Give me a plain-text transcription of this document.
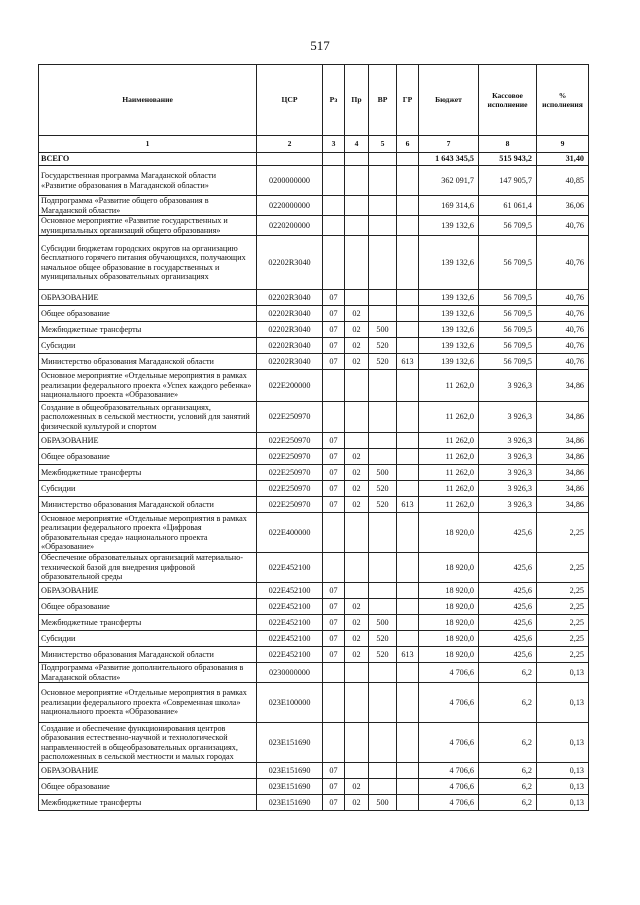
517
Наименование	ЦСР	Рз	Пр	ВР	ГР	Бюджет	Кассовое исполнение	% исполнения
1	2	3	4	5	6	7	8	9
ВСЕГО						1 643 345,5	515 943,2	31,40
Государственная программа Магаданской области «Развитие образования в Магаданской области»	0200000000					362 091,7	147 905,7	40,85
Подпрограмма «Развитие общего образования в Магаданской области»	0220000000					169 314,6	61 061,4	36,06
Основное мероприятие «Развитие государственных и муниципальных организаций общего образования»	0220200000					139 132,6	56 709,5	40,76
Субсидии бюджетам городских округов на организацию бесплатного горячего питания обучающихся, получающих начальное общее образование в государственных и муниципальных образовательных организациях	02202R3040					139 132,6	56 709,5	40,76
ОБРАЗОВАНИЕ	02202R3040	07				139 132,6	56 709,5	40,76
Общее образование	02202R3040	07	02			139 132,6	56 709,5	40,76
Межбюджетные трансферты	02202R3040	07	02	500		139 132,6	56 709,5	40,76
Субсидии	02202R3040	07	02	520		139 132,6	56 709,5	40,76
Министерство образования Магаданской области	02202R3040	07	02	520	613	139 132,6	56 709,5	40,76
Основное мероприятие «Отдельные мероприятия в рамках реализации федерального проекта «Успех каждого ребенка» национального проекта «Образование»	022E200000					11 262,0	3 926,3	34,86
Создание в общеобразовательных организациях, расположенных в сельской местности, условий для занятий физической культурой и спортом	022E250970					11 262,0	3 926,3	34,86
ОБРАЗОВАНИЕ	022E250970	07				11 262,0	3 926,3	34,86
Общее образование	022E250970	07	02			11 262,0	3 926,3	34,86
Межбюджетные трансферты	022E250970	07	02	500		11 262,0	3 926,3	34,86
Субсидии	022E250970	07	02	520		11 262,0	3 926,3	34,86
Министерство образования Магаданской области	022E250970	07	02	520	613	11 262,0	3 926,3	34,86
Основное мероприятие «Отдельные мероприятия в рамках реализации федерального проекта «Цифровая образовательная среда» национального проекта «Образование»	022E400000					18 920,0	425,6	2,25
Обеспечение образовательных организаций материально-технической базой для внедрения цифровой образовательной среды	022E452100					18 920,0	425,6	2,25
ОБРАЗОВАНИЕ	022E452100	07				18 920,0	425,6	2,25
Общее образование	022E452100	07	02			18 920,0	425,6	2,25
Межбюджетные трансферты	022E452100	07	02	500		18 920,0	425,6	2,25
Субсидии	022E452100	07	02	520		18 920,0	425,6	2,25
Министерство образования Магаданской области	022E452100	07	02	520	613	18 920,0	425,6	2,25
Подпрограмма «Развитие дополнительного образования в Магаданской области»	0230000000					4 706,6	6,2	0,13
Основное мероприятие «Отдельные мероприятия в рамках реализации федерального проекта «Современная школа» национального проекта «Образование»	023E100000					4 706,6	6,2	0,13
Создание и обеспечение функционирования центров образования естественно-научной и технологической направленностей в общеобразовательных организациях, расположенных в сельской местности и малых городах	023E151690					4 706,6	6,2	0,13
ОБРАЗОВАНИЕ	023E151690	07				4 706,6	6,2	0,13
Общее образование	023E151690	07	02			4 706,6	6,2	0,13
Межбюджетные трансферты	023E151690	07	02	500		4 706,6	6,2	0,13
